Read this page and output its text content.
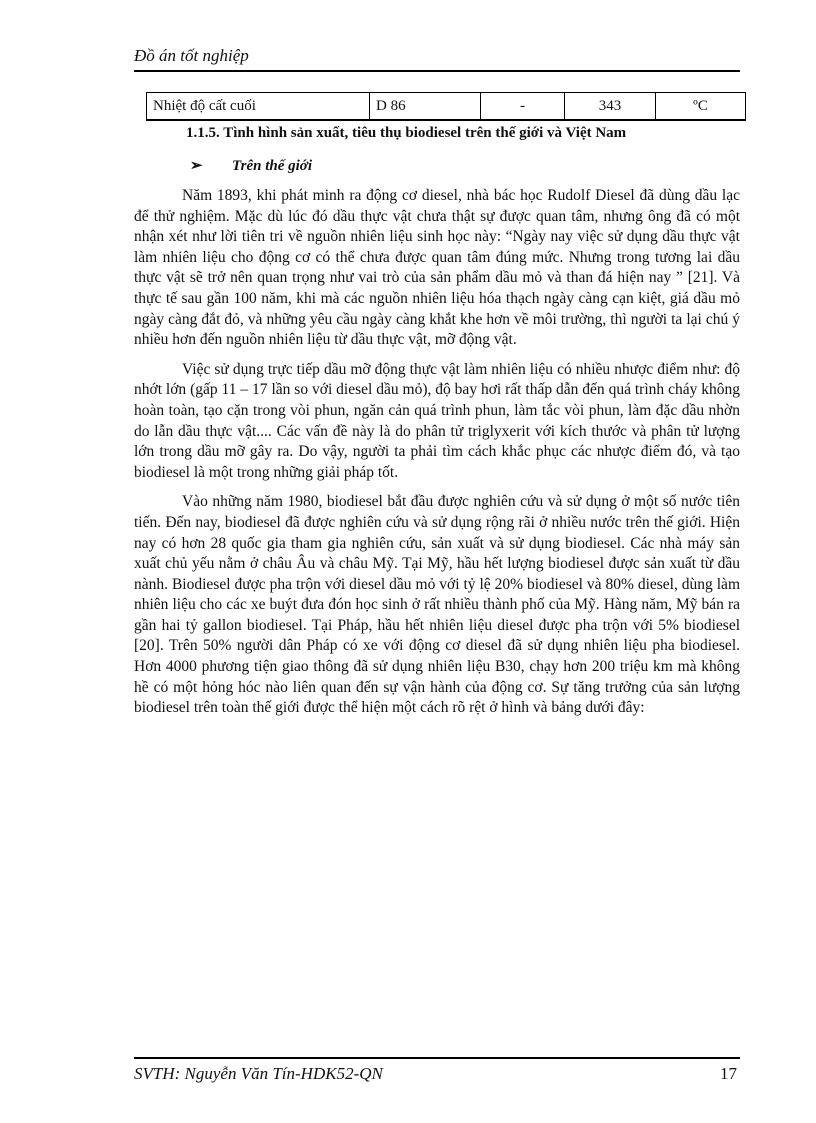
Đồ án tốt nghiệp
Nhiệt độ cất cuối	D 86	-	343	ºC
1.1.5. Tình hình sản xuất, tiêu thụ biodiesel trên thế giới và Việt Nam
➢ Trên thế giới

Năm 1893, khi phát minh ra động cơ diesel, nhà bác học Rudolf Diesel đã dùng dầu lạc để thử nghiệm. Mặc dù lúc đó dầu thực vật chưa thật sự được quan tâm, nhưng ông đã có một nhận xét như lời tiên tri về nguồn nhiên liệu sinh học này: “Ngày nay việc sử dụng dầu thực vật làm nhiên liệu cho động cơ có thể chưa được quan tâm đúng mức. Nhưng trong tương lai dầu thực vật sẽ trở nên quan trọng như vai trò của sản phẩm dầu mỏ và than đá hiện nay ” [21]. Và thực tế sau gần 100 năm, khi mà các nguồn nhiên liệu hóa thạch ngày càng cạn kiệt, giá dầu mỏ ngày càng đắt đỏ, và những yêu cầu ngày càng khắt khe hơn về môi trường, thì người ta lại chú ý nhiều hơn đến nguồn nhiên liệu từ dầu thực vật, mỡ động vật.

Việc sử dụng trực tiếp dầu mỡ động thực vật làm nhiên liệu có nhiều nhược điểm như: độ nhớt lớn (gấp 11 – 17 lần so với diesel dầu mỏ), độ bay hơi rất thấp dẫn đến quá trình cháy không hoàn toàn, tạo cặn trong vòi phun, ngăn cản quá trình phun, làm tắc vòi phun, làm đặc dầu nhờn do lẫn dầu thực vật.... Các vấn đề này là do phân tử triglyxerit với kích thước và phân tử lượng lớn trong dầu mỡ gây ra. Do vậy, người ta phải tìm cách khắc phục các nhược điểm đó, và tạo biodiesel là một trong những giải pháp tốt.

Vào những năm 1980, biodiesel bắt đầu được nghiên cứu và sử dụng ở một số nước tiên tiến. Đến nay, biodiesel đã được nghiên cứu và sử dụng rộng rãi ở nhiều nước trên thế giới. Hiện nay có hơn 28 quốc gia tham gia nghiên cứu, sản xuất và sử dụng biodiesel. Các nhà máy sản xuất chủ yếu nằm ở châu Âu và châu Mỹ. Tại Mỹ, hầu hết lượng biodiesel được sản xuất từ dầu nành. Biodiesel được pha trộn với diesel dầu mỏ với tỷ lệ 20% biodiesel và 80% diesel, dùng làm nhiên liệu cho các xe buýt đưa đón học sinh ở rất nhiều thành phố của Mỹ. Hàng năm, Mỹ bán ra gần hai tỷ gallon biodiesel. Tại Pháp, hầu hết nhiên liệu diesel được pha trộn với 5% biodiesel [20]. Trên 50% người dân Pháp có xe với động cơ diesel đã sử dụng nhiên liệu pha biodiesel. Hơn 4000 phương tiện giao thông đã sử dụng nhiên liệu B30, chạy hơn 200 triệu km mà không hề có một hỏng hóc nào liên quan đến sự vận hành của động cơ. Sự tăng trưởng của sản lượng biodiesel trên toàn thế giới được thể hiện một cách rõ rệt ở hình và bảng dưới đây:

SVTH: Nguyễn Văn Tín-HDK52-QN	17
